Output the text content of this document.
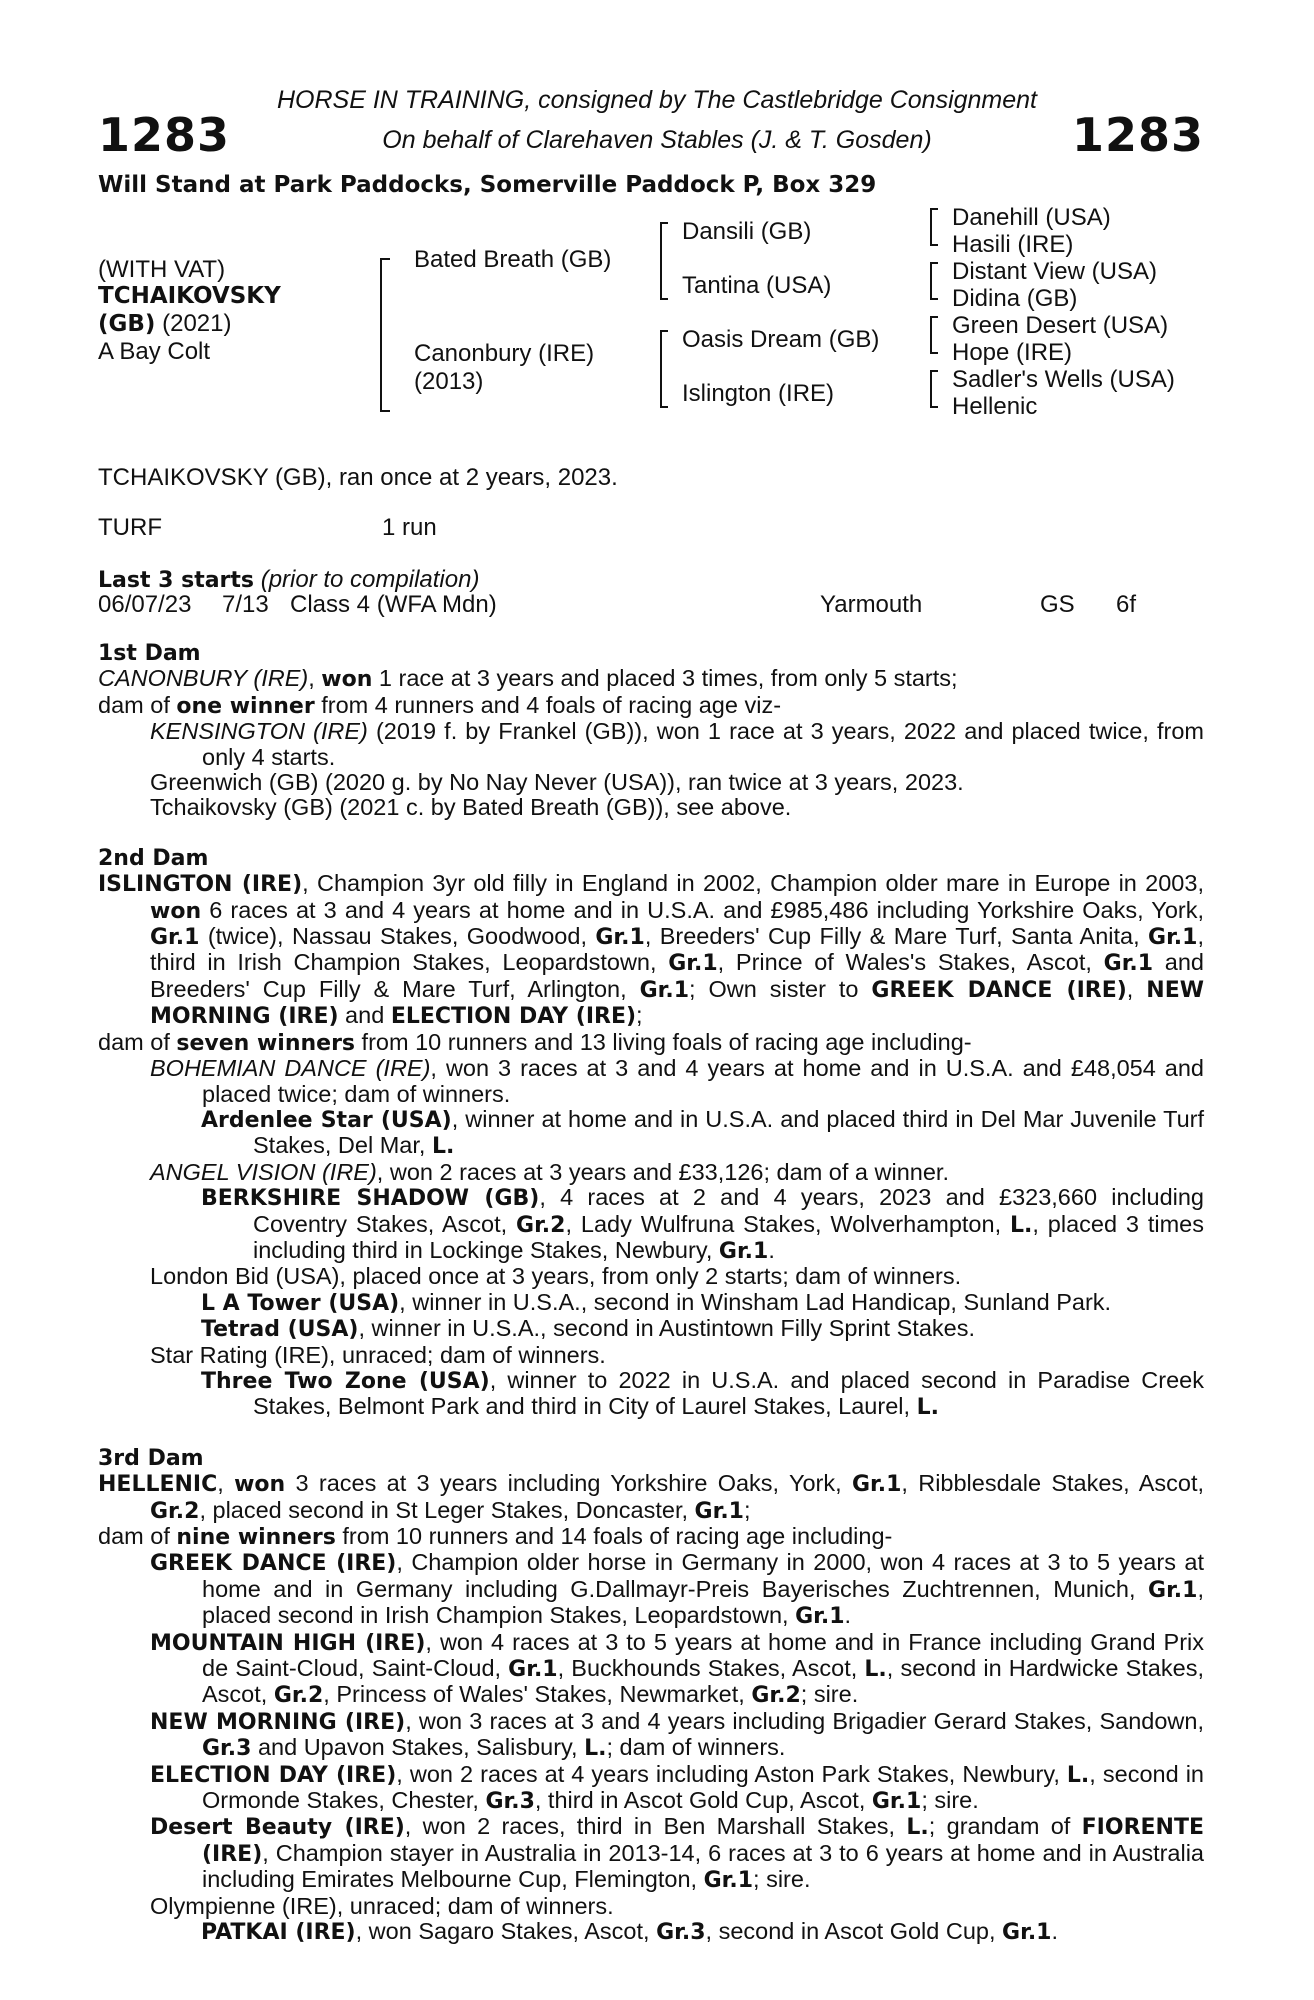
1283	1283
HORSE IN TRAINING, consigned by The Castlebridge Consignment
On behalf of Clarehaven Stables (J. & T. Gosden)
Will Stand at Park Paddocks, Somerville Paddock P, Box 329
(WITH VAT)
TCHAIKOVSKY
(GB) (2021)
A Bay Colt
Bated Breath (GB)
Canonbury (IRE)
(2013)
Dansili (GB)
Tantina (USA)
Oasis Dream (GB)
Islington (IRE)
Danehill (USA)
Hasili (IRE)
Distant View (USA)
Didina (GB)
Green Desert (USA)
Hope (IRE)
Sadler's Wells (USA)
Hellenic
TCHAIKOVSKY (GB), ran once at 2 years, 2023.
TURF	1 run
Last 3 starts (prior to compilation)
06/07/23 7/13 Class 4 (WFA Mdn)	Yarmouth	GS 6f

1st Dam

CANONBURY (IRE), won 1 race at 3 years and placed 3 times, from only 5 starts;

dam of one winner from 4 runners and 4 foals of racing age viz-

KENSINGTON (IRE) (2019 f. by Frankel (GB)), won 1 race at 3 years, 2022 and placed twice, from only 4 starts.

Greenwich (GB) (2020 g. by No Nay Never (USA)), ran twice at 3 years, 2023.

Tchaikovsky (GB) (2021 c. by Bated Breath (GB)), see above.

2nd Dam

ISLINGTON (IRE), Champion 3yr old filly in England in 2002, Champion older mare in Europe in 2003, won 6 races at 3 and 4 years at home and in U.S.A. and £985,486 including Yorkshire Oaks, York, Gr.1 (twice), Nassau Stakes, Goodwood, Gr.1, Breeders' Cup Filly & Mare Turf, Santa Anita, Gr.1, third in Irish Champion Stakes, Leopardstown, Gr.1, Prince of Wales's Stakes, Ascot, Gr.1 and Breeders' Cup Filly & Mare Turf, Arlington, Gr.1; Own sister to GREEK DANCE (IRE), NEW MORNING (IRE) and ELECTION DAY (IRE);

dam of seven winners from 10 runners and 13 living foals of racing age including-

BOHEMIAN DANCE (IRE), won 3 races at 3 and 4 years at home and in U.S.A. and £48,054 and placed twice; dam of winners.

Ardenlee Star (USA), winner at home and in U.S.A. and placed third in Del Mar Juvenile Turf Stakes, Del Mar, L.

ANGEL VISION (IRE), won 2 races at 3 years and £33,126; dam of a winner.

BERKSHIRE SHADOW (GB), 4 races at 2 and 4 years, 2023 and £323,660 including Coventry Stakes, Ascot, Gr.2, Lady Wulfruna Stakes, Wolverhampton, L., placed 3 times including third in Lockinge Stakes, Newbury, Gr.1.

London Bid (USA), placed once at 3 years, from only 2 starts; dam of winners.

L A Tower (USA), winner in U.S.A., second in Winsham Lad Handicap, Sunland Park.

Tetrad (USA), winner in U.S.A., second in Austintown Filly Sprint Stakes.

Star Rating (IRE), unraced; dam of winners.

Three Two Zone (USA), winner to 2022 in U.S.A. and placed second in Paradise Creek Stakes, Belmont Park and third in City of Laurel Stakes, Laurel, L.

3rd Dam

HELLENIC, won 3 races at 3 years including Yorkshire Oaks, York, Gr.1, Ribblesdale Stakes, Ascot, Gr.2, placed second in St Leger Stakes, Doncaster, Gr.1;

dam of nine winners from 10 runners and 14 foals of racing age including-

GREEK DANCE (IRE), Champion older horse in Germany in 2000, won 4 races at 3 to 5 years at home and in Germany including G.Dallmayr-Preis Bayerisches Zuchtrennen, Munich, Gr.1, placed second in Irish Champion Stakes, Leopardstown, Gr.1.

MOUNTAIN HIGH (IRE), won 4 races at 3 to 5 years at home and in France including Grand Prix de Saint-Cloud, Saint-Cloud, Gr.1, Buckhounds Stakes, Ascot, L., second in Hardwicke Stakes, Ascot, Gr.2, Princess of Wales' Stakes, Newmarket, Gr.2; sire.

NEW MORNING (IRE), won 3 races at 3 and 4 years including Brigadier Gerard Stakes, Sandown, Gr.3 and Upavon Stakes, Salisbury, L.; dam of winners.

ELECTION DAY (IRE), won 2 races at 4 years including Aston Park Stakes, Newbury, L., second in Ormonde Stakes, Chester, Gr.3, third in Ascot Gold Cup, Ascot, Gr.1; sire.

Desert Beauty (IRE), won 2 races, third in Ben Marshall Stakes, L.; grandam of FIORENTE (IRE), Champion stayer in Australia in 2013-14, 6 races at 3 to 6 years at home and in Australia including Emirates Melbourne Cup, Flemington, Gr.1; sire.

Olympienne (IRE), unraced; dam of winners.

PATKAI (IRE), won Sagaro Stakes, Ascot, Gr.3, second in Ascot Gold Cup, Gr.1.
